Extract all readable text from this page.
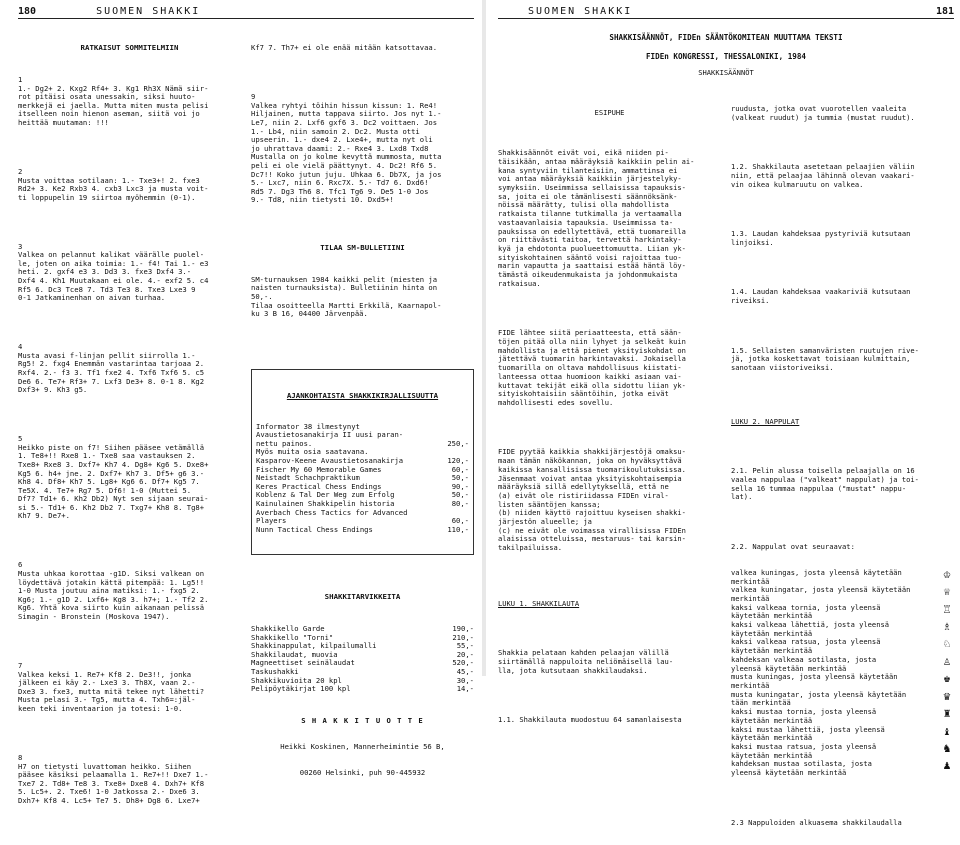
180	SUOMEN SHAKKI

RATKAISUT SOMMITELMIIN

1
1.- Dg2+ 2. Kxg2 Rf4+ 3. Kg1 Rh3X Nämä siir-
rot pitäisi osata unessakin, siksi huuto-
merkkejä ei jaella. Mutta miten musta pelisi
itselleen noin hienon aseman, siitä voi jo
heittää muutaman: !!!

2
Musta voittaa sotilaan: 1.- Txe3+! 2. fxe3
Rd2+ 3. Ke2 Rxb3 4. cxb3 Lxc3 ja musta voit-
ti loppupelin 19 siirtoa myöhemmin (0-1).

3
Valkea on pelannut kalikat väärälle puolel-
le, joten on aika toimia: 1.- f4! Tai 1.- e3
heti. 2. gxf4 e3 3. Dd3 3. fxe3 Dxf4 3.-
Dxf4 4. Kh1 Muutakaan ei ole. 4.- exf2 5. c4
Rf5 6. Dc3 Tce8 7. Td3 Te3 8. Txe3 Lxe3 9
0-1 Jatkaminenhan on aivan turhaa.

4
Musta avasi f-linjan pellit siirrolla 1.-
Rg5! 2. fxg4 Enemmän vastarintaa tarjoaa 2.
Rxf4. 2.- f3 3. Tf1 fxe2 4. Txf6 Txf6 5. c5
De6 6. Te7+ Rf3+ 7. Lxf3 De3+ 8. 0-1 8. Kg2
Dxf3+ 9. Kh3 g5.

5
Heikko piste on f7! Siihen pääsee vetämällä
1. Te8+!! Rxe8 1.- Txe8 saa vastauksen 2.
Txe8+ Rxe8 3. Dxf7+ Kh7 4. Dg8+ Kg6 5. Dxe8+
Kg5 6. h4+ jne. 2. Dxf7+ Kh7 3. Df5+ g6 3.-
Kh8 4. Df8+ Kh7 5. Lg8+ Kg6 6. Df7+ Kg5 7.
Te5X. 4. Te7+ Rg7 5. Df6! 1-0 (Muttei 5.
Df7? Td1+ 6. Kh2 Db2) Nyt sen sijaan seurai-
si 5.- Td1+ 6. Kh2 Db2 7. Txg7+ Kh8 8. Tg8+
Kh7 9. De7+.

6
Musta uhkaa korottaa -g1D. Siksi valkean on
löydettävä jotakin kättä pitempää: 1. Lg5!!
1-0 Musta joutuu aina matiksi: 1.- fxg5 2.
Kg6; 1.- g1D 2. Lxf6+ Kg8 3. h7+; 1.- Tf2 2.
Kg6. Yhtä kova siirto kuin aikanaan pelissä
Simagin - Bronstein (Moskova 1947).

7
Valkea keksi 1. Re7+ Kf8 2. De3!!, jonka
jälkeen ei käy 2.- Lxe3 3. Th8X, vaan 2.-
Dxe3 3. fxe3, mutta mitä tekee nyt lähetti?
Musta pelasi 3.- Tg5, mutta 4. Txh6=:jäl-
keen teki inventaarion ja totesi: 1-0.

8
H7 on tietysti luvattoman heikko. Siihen
pääsee käsiksi pelaamalla 1. Re7+!! Dxe7 1.-
Txe7 2. Td8+ Te8 3. Txe8+ Dxe8 4. Dxh7+ Kf8
5. Lc5+. 2. Txe6! 1-0 Jatkossa 2.- Dxe6 3.
Dxh7+ Kf8 4. Lc5+ Te7 5. Dh8+ Dg8 6. Lxe7+

Kf7 7. Th7+ ei ole enää mitään katsottavaa.

9
Valkea ryhtyi töihin hissun kissun: 1. Re4!
Hiljainen, mutta tappava siirto. Jos nyt 1.-
Le7, niin 2. Lxf6 gxf6 3. Dc2 voittaen. Jos
1.- Lb4, niin samoin 2. Dc2. Musta otti
upseerin. 1.- dxe4 2. Lxe4+, mutta nyt oli
jo uhrattava daami: 2.- Rxe4 3. Lxd8 Txd8
Mustalla on jo kolme kevyttä mummosta, mutta
peli ei ole vielä päättynyt. 4. Dc2! Rf6 5.
Dc7!! Koko jutun juju. Uhkaa 6. Db7X, ja jos
5.- Lxc7, niin 6. Rxc7X. 5.- Td7 6. Dxd6!
Rd5 7. Dg3 Th6 8. Tfc1 Tg6 9. De5 1-0 Jos
9.- Td8, niin tietysti 10. Dxd5+!

TILAA SM-BULLETIINI

SM-turnauksen 1984 kaikki pelit (miesten ja
naisten turnauksista). Bulletiinin hinta on
50,-.
Tilaa osoitteella Martti Erkkilä, Kaarnapol-
ku 3 B 16, 04400 Järvenpää.

AJANKOHTAISTA SHAKKIKIRJALLISUUTTA

Informator 38 ilmestynyt
Avaustietosanakirja II uusi paran-
nettu painos.	250,-
Myös muita osia saatavana.
Kasparov-Keene Avaustietosanakirja	120,-
Fischer My 60 Memorable Games	60,-
Neistadt Schachpraktikum	50,-
Keres Practical Chess Endings	90,-
Koblenz & Tal Der Weg zum Erfolg	50,-
Kainulainen Shakkipelin historia	80,-
Averbach Chess Tactics for Advanced
Players	60,-
Nunn Tactical Chess Endings	110,-

SHAKKITARVIKKEITA

Shakkikello Garde	190,-
Shakkikello "Torni"	210,-
Shakkinappulat, kilpailumalli	55,-
Shakkilaudat, muovia	20,-
Magneettiset seinälaudat	520,-
Taskushakki	45,-
Shakkikuvioita 20 kpl	30,-
Pelipöytäkirjat 100 kpl	14,-

S H A K K I T U O T T E

Heikki Koskinen, Mannerheimintie 56 B,

00260 Helsinki, puh 90-445932

SUOMEN SHAKKI	181
SHAKKISÄÄNNÖT, FIDEn SÄÄNTÖKOMITEAN MUUTTAMA TEKSTI
FIDEn KONGRESSI, THESSALONIKI, 1984
SHAKKISÄÄNNÖT

ESIPUHE

Shakkisäännöt eivät voi, eikä niiden pi-
täisikään, antaa määräyksiä kaikkiin pelin ai-
kana syntyviin tilanteisiin, ammattinsa ei
voi antaa määräyksiä kaikkiin järjestelyky-
symyksiin. Useimmissa sellaisissa tapauksis-
sa, joita ei ole tämänlisesti säännöksänk-
nöissä määrätty, tulisi olla mahdollista
ratkaista tilanne tutkimalla ja vertaamalla
vastaavanlaisia tapauksia. Useimmissa ta-
pauksissa on edellytettävä, että tuomareilla
on riittävästi taitoa, tervettä harkintaky-
kyä ja ehdotonta puolueettomuutta. Liian yk-
sityiskohtainen sääntö voisi rajoittaa tuo-
marin vapautta ja saattaisi estää häntä löy-
tämästä oikeudenmukaista ja johdonmukaista
ratkaisua.

FIDE lähtee siitä periaatteesta, että sään-
töjen pitää olla niin lyhyet ja selkeät kuin
mahdollista ja että pienet yksityiskohdat on
jätettävä tuomarin harkintavaksi. Jokaisella
tuomarilla on oltava mahdollisuus kiistati-
lanteessa ottaa huomioon kaikki asiaan vai-
kuttavat tekijät eikä olla sidottu liian yk-
sityiskohtaisiin sääntöihin, jotka eivät
mahdollisesti edes sovellu.

FIDE pyytää kaikkia shakkijärjestöjä omaksu-
maan tämän näkökannan, joka on hyväksyttävä
kaikissa kansallisissa tuomarikoulutuksissa.
Jäsenmaat voivat antaa yksityiskohtaisempia
määräyksiä sillä edellytyksellä, että ne
(a) eivät ole ristiriidassa FIDEn viral-
listen sääntöjen kanssa;
(b) niiden käyttö rajoittuu kyseisen shakki-
järjestön alueelle; ja
(c) ne eivät ole voimassa virallisissa FIDEn
alaisissa otteluissa, mestaruus- tai karsin-
takilpailuissa.

LUKU 1. SHAKKILAUTA

Shakkia pelataan kahden pelaajan välillä
siirtämällä nappuloita neliömäisellä lau-
lla, jota kutsutaan shakkilaudaksi.

1.1. Shakkilauta muodostuu 64 samanlaisesta

ruudusta, jotka ovat vuorotellen vaaleita
(valkeat ruudut) ja tummia (mustat ruudut).

1.2. Shakkilauta asetetaan pelaajien väliin
niin, että pelaajaa lähinnä olevan vaakari-
vin oikea kulmaruutu on valkea.

1.3. Laudan kahdeksaa pystyriviä kutsutaan
linjoiksi.

1.4. Laudan kahdeksaa vaakariviä kutsutaan
riveiksi.

1.5. Sellaisten samanväristen ruutujen rive-
jä, jotka koskettavat toisiaan kulmittain,
sanotaan viistoriveiksi.

LUKU 2. NAPPULAT

2.1. Pelin alussa toisella pelaajalla on 16
vaalea nappulaa ("valkeat" nappulat) ja toi-
sella 16 tummaa nappulaa ("mustat" nappu-
lat).

2.2. Nappulat ovat seuraavat:

valkea kuningas, josta yleensä käytetään
merkintää
♔
valkea kuningatar, josta yleensä käytetään
merkintää
♕
kaksi valkeaa tornia, josta yleensä
käytetään merkintää
♖
kaksi valkeaa lähettiä, josta yleensä
käytetään merkintää
♗
kaksi valkeaa ratsua, josta yleensä
käytetään merkintää
♘
kahdeksan valkeaa sotilasta, josta
yleensä käytetään merkintää
♙
musta kuningas, josta yleensä käytetään
merkintää
♚
musta kuningatar, josta yleensä käytetään
tään merkintää
♛
kaksi mustaa tornia, josta yleensä
käytetään merkintää
♜
kaksi mustaa lähettiä, josta yleensä
käytetään merkintää
♝
kaksi mustaa ratsua, josta yleensä
käytetään merkintää
♞
kahdeksan mustaa sotilasta, josta
yleensä käytetään merkintää
♟

2.3 Nappuloiden alkuasema shakkilaudalla
